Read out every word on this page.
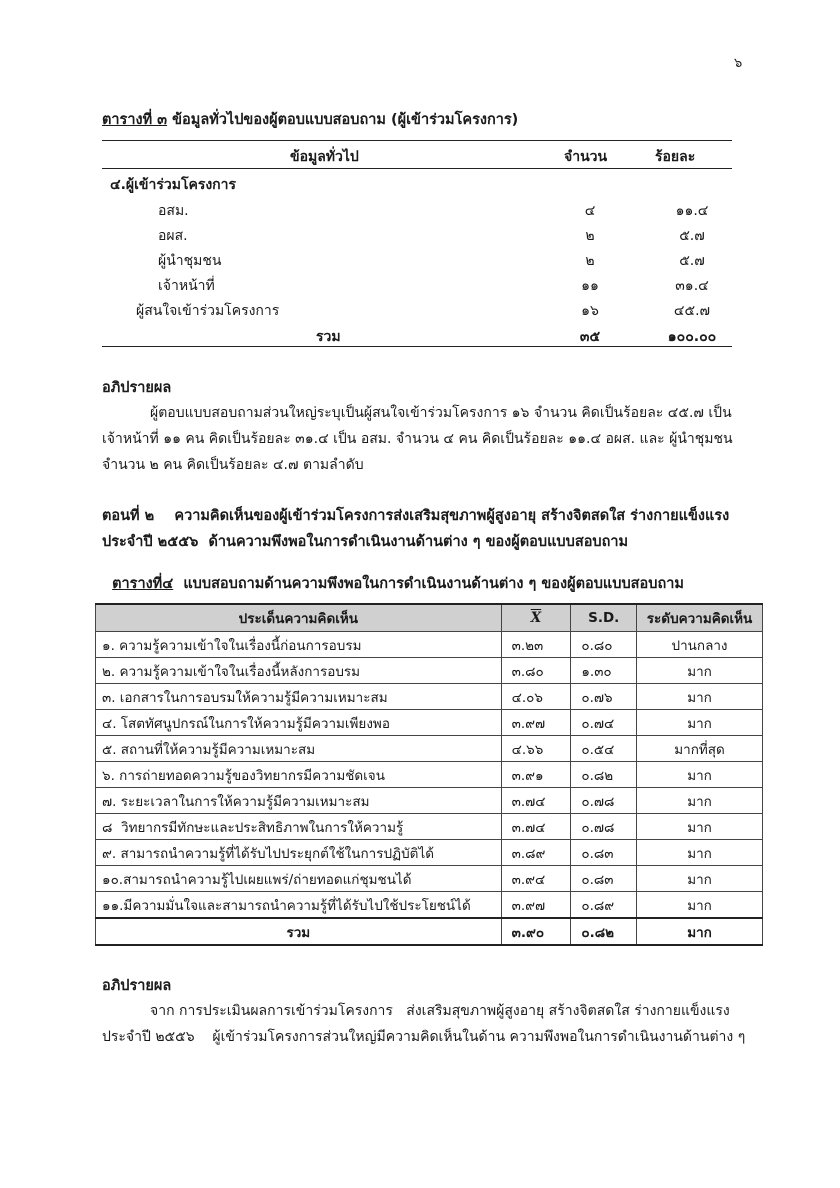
๖
ตารางที่ ๓ ข้อมูลทั่วไปของผู้ตอบแบบสอบถาม (ผู้เข้าร่วมโครงการ)
ข้อมูลทั่วไป	จำนวน	ร้อยละ
๔.ผู้เข้าร่วมโครงการ
อสม.	๔	๑๑.๔
อผส.	๒	๕.๗
ผู้นำชุมชน	๒	๕.๗
เจ้าหน้าที่	๑๑	๓๑.๔
ผู้สนใจเข้าร่วมโครงการ	๑๖	๔๕.๗
รวม	๓๕	๑๐๐.๐๐
อภิปรายผล
ผู้ตอบแบบสอบถามส่วนใหญ่ระบุเป็นผู้สนใจเข้าร่วมโครงการ ๑๖ จำนวน คิดเป็นร้อยละ ๔๕.๗ เป็น
เจ้าหน้าที่ ๑๑ คน คิดเป็นร้อยละ ๓๑.๔ เป็น อสม. จำนวน ๔ คน คิดเป็นร้อยละ ๑๑.๔ อผส. และ ผู้นำชุมชน
จำนวน ๒ คน คิดเป็นร้อยละ ๔.๗ ตามลำดับ
ตอนที่ ๒    ความคิดเห็นของผู้เข้าร่วมโครงการส่งเสริมสุขภาพผู้สูงอายุ สร้างจิตสดใส ร่างกายแข็งแรง
ประจำปี ๒๕๕๖  ด้านความพึงพอในการดำเนินงานด้านต่าง ๆ ของผู้ตอบแบบสอบถาม

ตารางที่๔  แบบสอบถามด้านความพึงพอในการดำเนินงานด้านต่าง ๆ ของผู้ตอบแบบสอบถาม

ประเด็นความคิดเห็น	$\overline{X}$	S.D.	ระดับความคิดเห็น
๑. ความรู้ความเข้าใจในเรื่องนี้ก่อนการอบรม	๓.๒๓	๐.๘๐	ปานกลาง
๒. ความรู้ความเข้าใจในเรื่องนี้หลังการอบรม	๓.๘๐	๑.๓๐	มาก
๓. เอกสารในการอบรมให้ความรู้มีความเหมาะสม	๔.๐๖	๐.๗๖	มาก
๔. โสตทัศนูปกรณ์ในการให้ความรู้มีความเพียงพอ	๓.๙๗	๐.๗๔	มาก
๕. สถานที่ให้ความรู้มีความเหมาะสม	๔.๖๖	๐.๕๔	มากที่สุด
๖. การถ่ายทอดความรู้ของวิทยากรมีความชัดเจน	๓.๙๑	๐.๘๒	มาก
๗. ระยะเวลาในการให้ความรู้มีความเหมาะสม	๓.๗๔	๐.๗๘	มาก
๘  วิทยากรมีทักษะและประสิทธิภาพในการให้ความรู้	๓.๗๔	๐.๗๘	มาก
๙. สามารถนำความรู้ที่ได้รับไปประยุกต์ใช้ในการปฏิบัติได้	๓.๘๙	๐.๘๓	มาก
๑๐.สามารถนำความรู้ไปเผยแพร่/ถ่ายทอดแก่ชุมชนได้	๓.๙๔	๐.๘๓	มาก
๑๑.มีความมั่นใจและสามารถนำความรู้ที่ได้รับไปใช้ประโยชน์ได้	๓.๙๗	๐.๘๙	มาก
รวม	๓.๙๐	๐.๘๒	มาก
อภิปรายผล
จาก การประเมินผลการเข้าร่วมโครงการ   ส่งเสริมสุขภาพผู้สูงอายุ สร้างจิตสดใส ร่างกายแข็งแรง
ประจำปี ๒๕๕๖    ผู้เข้าร่วมโครงการส่วนใหญ่มีความคิดเห็นในด้าน ความพึงพอในการดำเนินงานด้านต่าง ๆ
